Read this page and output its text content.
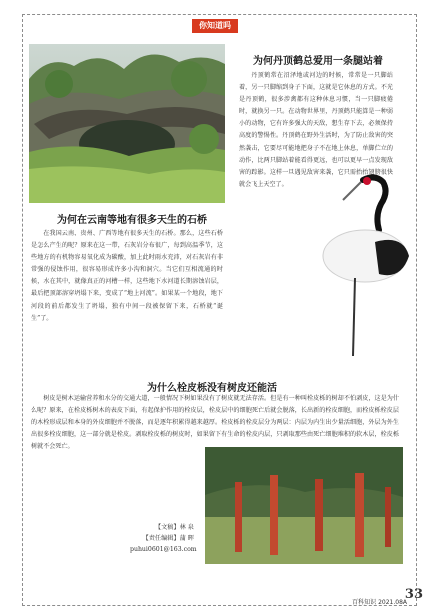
你知道吗
为何在云南等地有很多天生的石桥

在我国云南、贵州、广西等地有很多天生的石桥。那么，这些石桥是怎么产生的呢？原来在这一带，石灰岩分布很广，每到高温季节，这些地方的有机物容易氧化成为碳酸，加上此时雨水充沛，对石灰岩有非常强的侵蚀作用，很容易形成许多小沟和洞穴。当它们互相流通的时候，水在其中，就像真正的河槽一样，这些地下水河道长期溶蚀岩层，最后把顶部溶穿坍塌下来，变成了“地上河流”。如果某一个地段，地下河段的前后都发生了坍塌，独有中间一段被保留下来，石桥就“诞生”了。

为何丹顶鹤总爱用一条腿站着

丹顶鹤常在沼泽地或河边的时候，常常是一只脚站着，另一只脚缩到身子下面，这就是它休息的方式。不光是丹顶鹤，很多涉禽都有这种休息习惯，当一只脚疲倦时，就换另一只。在动物世界里，丹顶鹤只能算是一种弱小的动物，它有许多强大的天敌，想生存下去，必须保持高度的警惕性。丹顶鹤在野外生活时，为了防止敌害的突然袭击，它要尽可能地把身子不在地上休息，单脚伫立的动作，比两只脚站着能看得更远，也可以更早一点发现敌害的踪影。这样一旦遇见敌害来袭，它只需抬抬翅膀很快就会飞上天空了。

为什么栓皮栎没有树皮还能活

树皮是树木运输营养和水分的交通大道，一般情况下树如果没有了树皮就无法存活。但是有一种叫栓皮栎的树却不怕剥皮，这是为什么呢？原来，在栓皮栎树木的表皮下面，有起保护作用的栓皮层，栓皮层中的细胞死亡后就会脱落，长出新的栓皮细胞，而栓皮栎栓皮层的木栓形成层和本身的外皮细胞并不脱落，而是逐年积累得越来越厚。栓皮栎的栓皮层分为两层：内层为内生出少量活细胞，外层为外生出很多栓皮细胞，这一部分就是栓皮。剥取栓皮栎的树皮时，如果留下有生命的栓皮内层，只剥取那些由死亡细胞堆积的软木层，栓皮栎树就不会死亡。

【文稿】林 泉
【责任编辑】蒲 晖
puhui0601@163.com
百科知识 2021.08A
33
